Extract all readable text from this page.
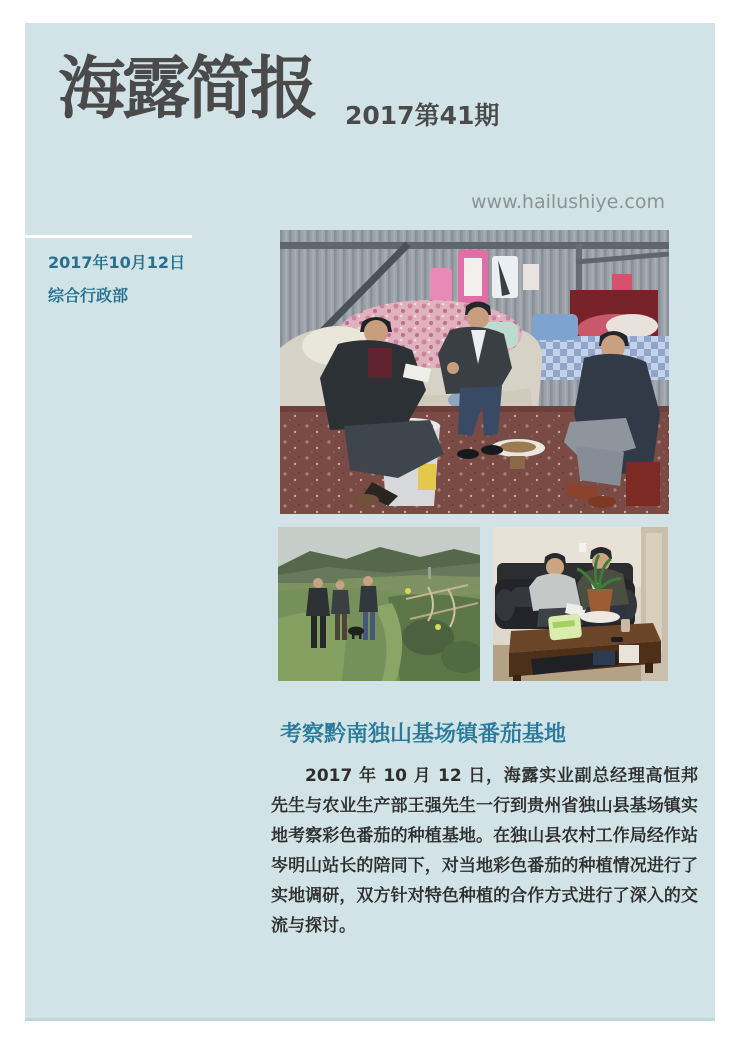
海露简报 2017第41期
www.hailushiye.com
2017年10月12日
综合行政部
考察黔南独山基场镇番茄基地

2017 年 10 月 12 日，海露实业副总经理高恒邦先生与农业生产部王强先生一行到贵州省独山县基场镇实地考察彩色番茄的种植基地。在独山县农村工作局经作站岑明山站长的陪同下，对当地彩色番茄的种植情况进行了实地调研，双方针对特色种植的合作方式进行了深入的交流与探讨。
